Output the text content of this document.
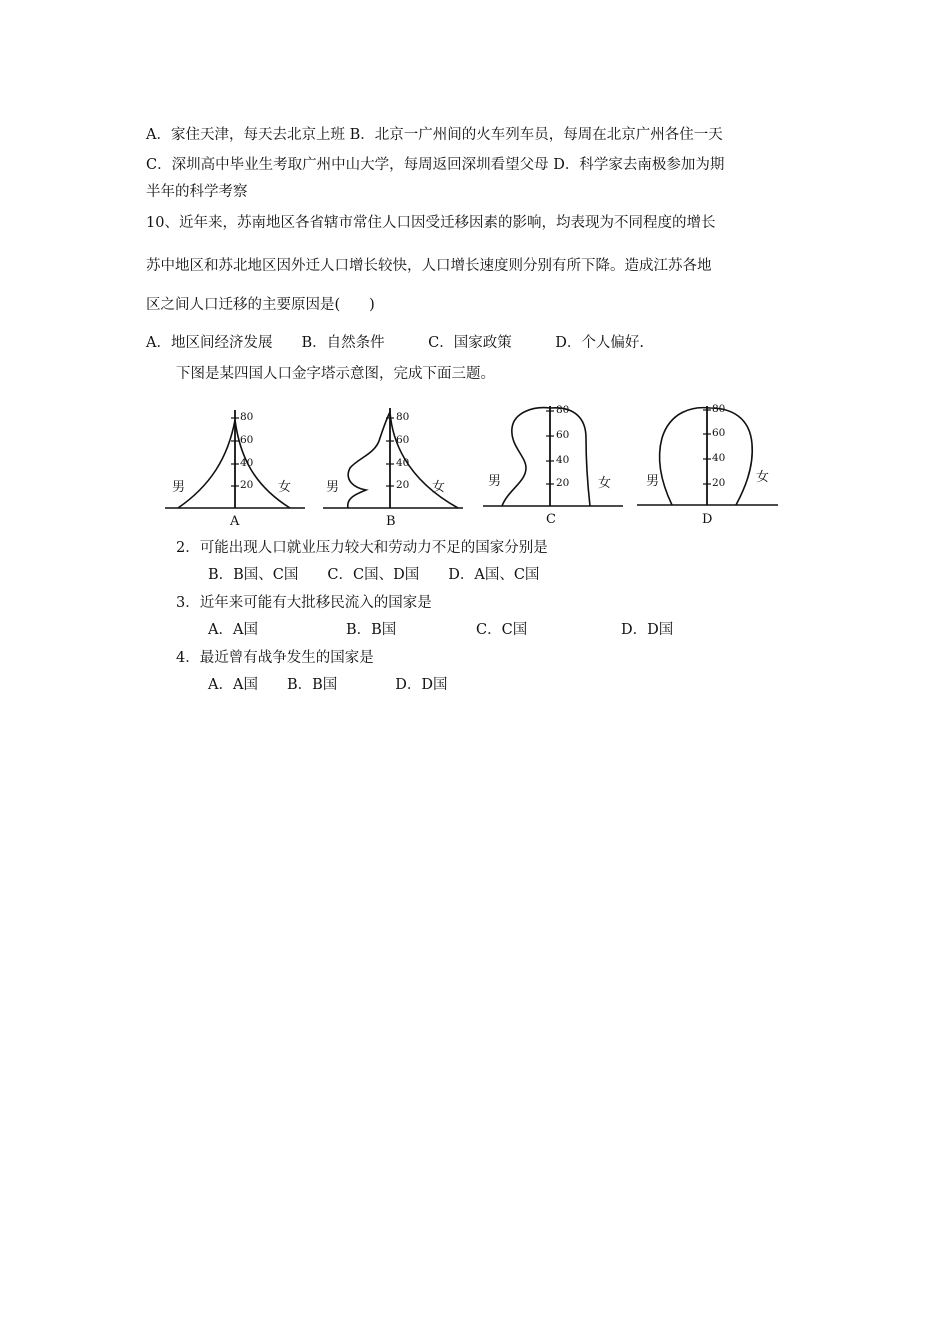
A．家住天津，每天去北京上班 B．北京一广州间的火车列车员，每周在北京广州各住一天
C．深圳高中毕业生考取广州中山大学，每周返回深圳看望父母 D．科学家去南极参加为期
半年的科学考察
10、近年来，苏南地区各省辖市常住人口因受迁移因素的影响，均表现为不同程度的增长
苏中地区和苏北地区因外迁人口增长较快，人口增长速度则分别有所下降。造成江苏各地
区之间人口迁移的主要原因是(　　)
A．地区间经济发展　　B．自然条件　　　C．国家政策　　　D．个人偏好.
下图是某四国人口金字塔示意图，完成下面三题。
20
40
60
80
男	女
A
20
40
60
80
男	女
B
20
40
60
80
男	女
C
20
40
60
80
男	女
D
2．可能出现人口就业压力较大和劳动力不足的国家分别是
B．B国、C国　　C．C国、D国　　D．A国、C国
3．近年来可能有大批移民流入的国家是
A．A国	B．B国	C．C国	D．D国
4．最近曾有战争发生的国家是
A．A国　　B．B国　　　　D．D国
